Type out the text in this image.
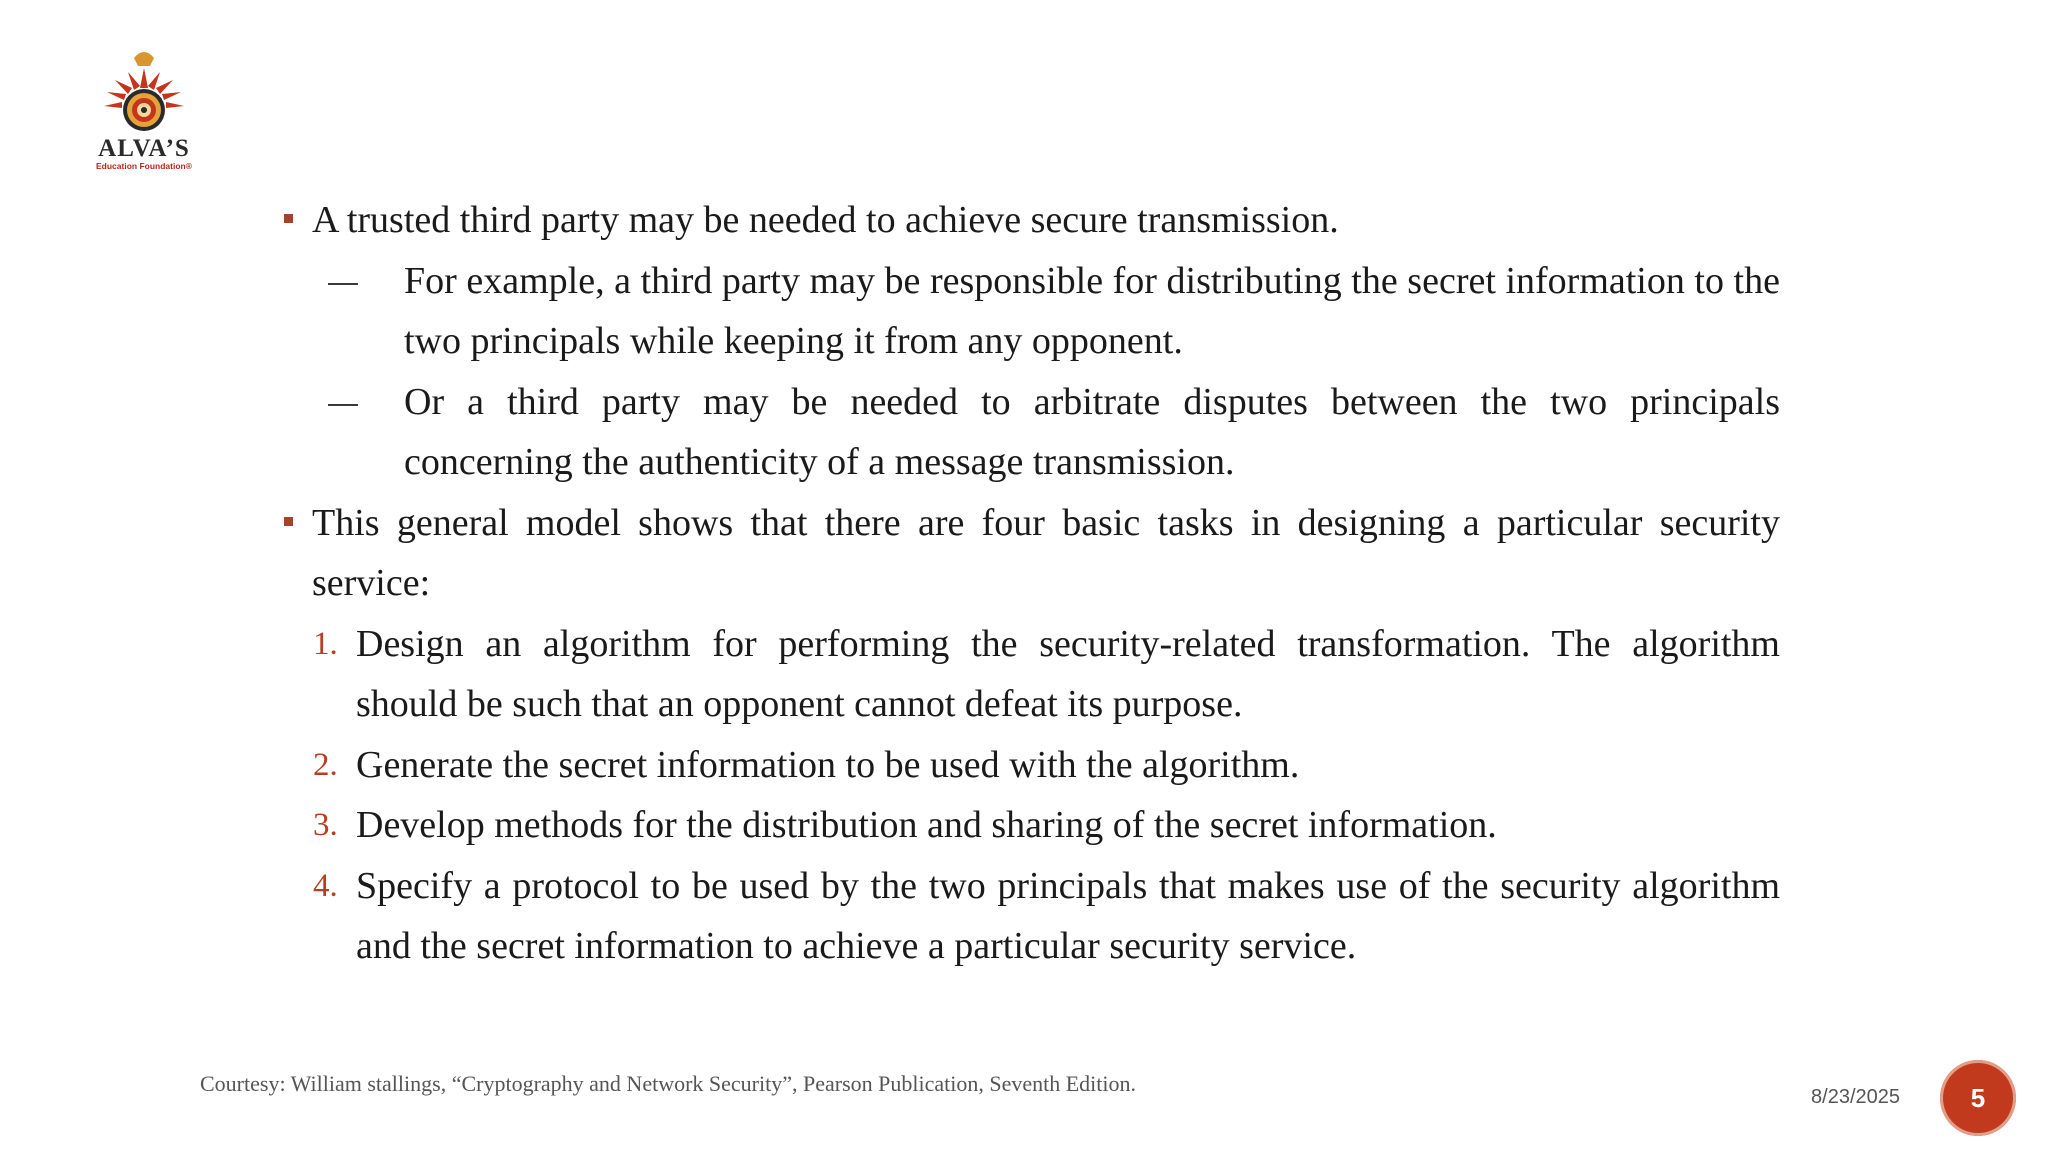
ALVA’S
Education Foundation®
A trusted third party may be needed to achieve secure transmission.
For example, a third party may be responsible for distributing the secret information to the two principals while keeping it from any opponent.
Or a third party may be needed to arbitrate disputes between the two principals concerning the authenticity of a message transmission.
This general model shows that there are four basic tasks in designing a particular security service:
1. Design an algorithm for performing the security-related transformation. The algorithm should be such that an opponent cannot defeat its purpose.
2. Generate the secret information to be used with the algorithm.
3. Develop methods for the distribution and sharing of the secret information.
4. Specify a protocol to be used by the two principals that makes use of the security algorithm and the secret information to achieve a particular security service.
Courtesy: William stallings, “Cryptography and Network Security”, Pearson Publication, Seventh Edition.
8/23/2025	5
